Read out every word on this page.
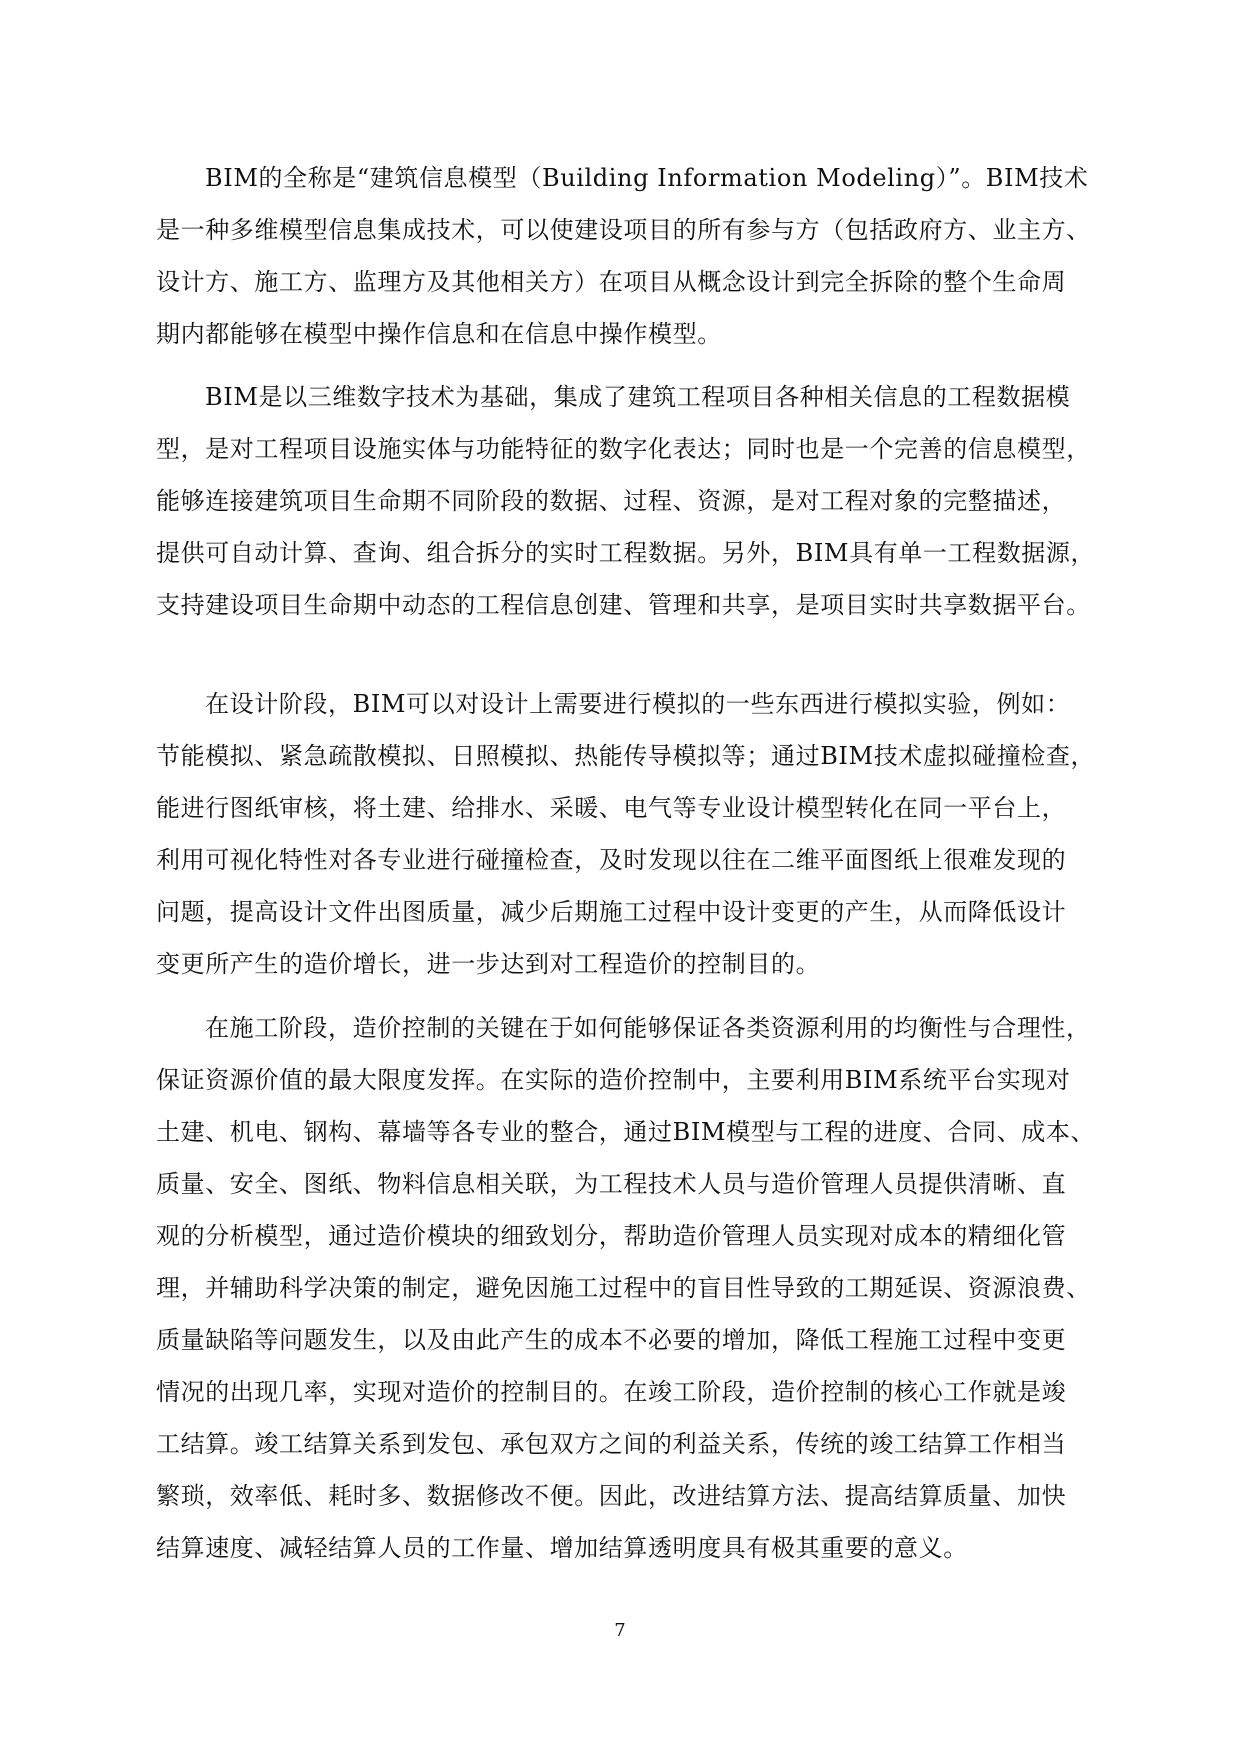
BIM的全称是“建筑信息模型（Building Information Modeling）”。BIM技术
是一种多维模型信息集成技术，可以使建设项目的所有参与方（包括政府方、业主方、
设计方、施工方、监理方及其他相关方）在项目从概念设计到完全拆除的整个生命周
期内都能够在模型中操作信息和在信息中操作模型。
BIM是以三维数字技术为基础，集成了建筑工程项目各种相关信息的工程数据模
型，是对工程项目设施实体与功能特征的数字化表达；同时也是一个完善的信息模型，
能够连接建筑项目生命期不同阶段的数据、过程、资源，是对工程对象的完整描述，
提供可自动计算、查询、组合拆分的实时工程数据。另外，BIM具有单一工程数据源，
支持建设项目生命期中动态的工程信息创建、管理和共享，是项目实时共享数据平台。
在设计阶段，BIM可以对设计上需要进行模拟的一些东西进行模拟实验，例如：
节能模拟、紧急疏散模拟、日照模拟、热能传导模拟等；通过BIM技术虚拟碰撞检查，
能进行图纸审核，将土建、给排水、采暖、电气等专业设计模型转化在同一平台上，
利用可视化特性对各专业进行碰撞检查，及时发现以往在二维平面图纸上很难发现的
问题，提高设计文件出图质量，减少后期施工过程中设计变更的产生，从而降低设计
变更所产生的造价增长，进一步达到对工程造价的控制目的。
在施工阶段，造价控制的关键在于如何能够保证各类资源利用的均衡性与合理性，
保证资源价值的最大限度发挥。在实际的造价控制中，主要利用BIM系统平台实现对
土建、机电、钢构、幕墙等各专业的整合，通过BIM模型与工程的进度、合同、成本、
质量、安全、图纸、物料信息相关联，为工程技术人员与造价管理人员提供清晰、直
观的分析模型，通过造价模块的细致划分，帮助造价管理人员实现对成本的精细化管
理，并辅助科学决策的制定，避免因施工过程中的盲目性导致的工期延误、资源浪费、
质量缺陷等问题发生，以及由此产生的成本不必要的增加，降低工程施工过程中变更
情况的出现几率，实现对造价的控制目的。在竣工阶段，造价控制的核心工作就是竣
工结算。竣工结算关系到发包、承包双方之间的利益关系，传统的竣工结算工作相当
繁琐，效率低、耗时多、数据修改不便。因此，改进结算方法、提高结算质量、加快
结算速度、减轻结算人员的工作量、增加结算透明度具有极其重要的意义。
7
